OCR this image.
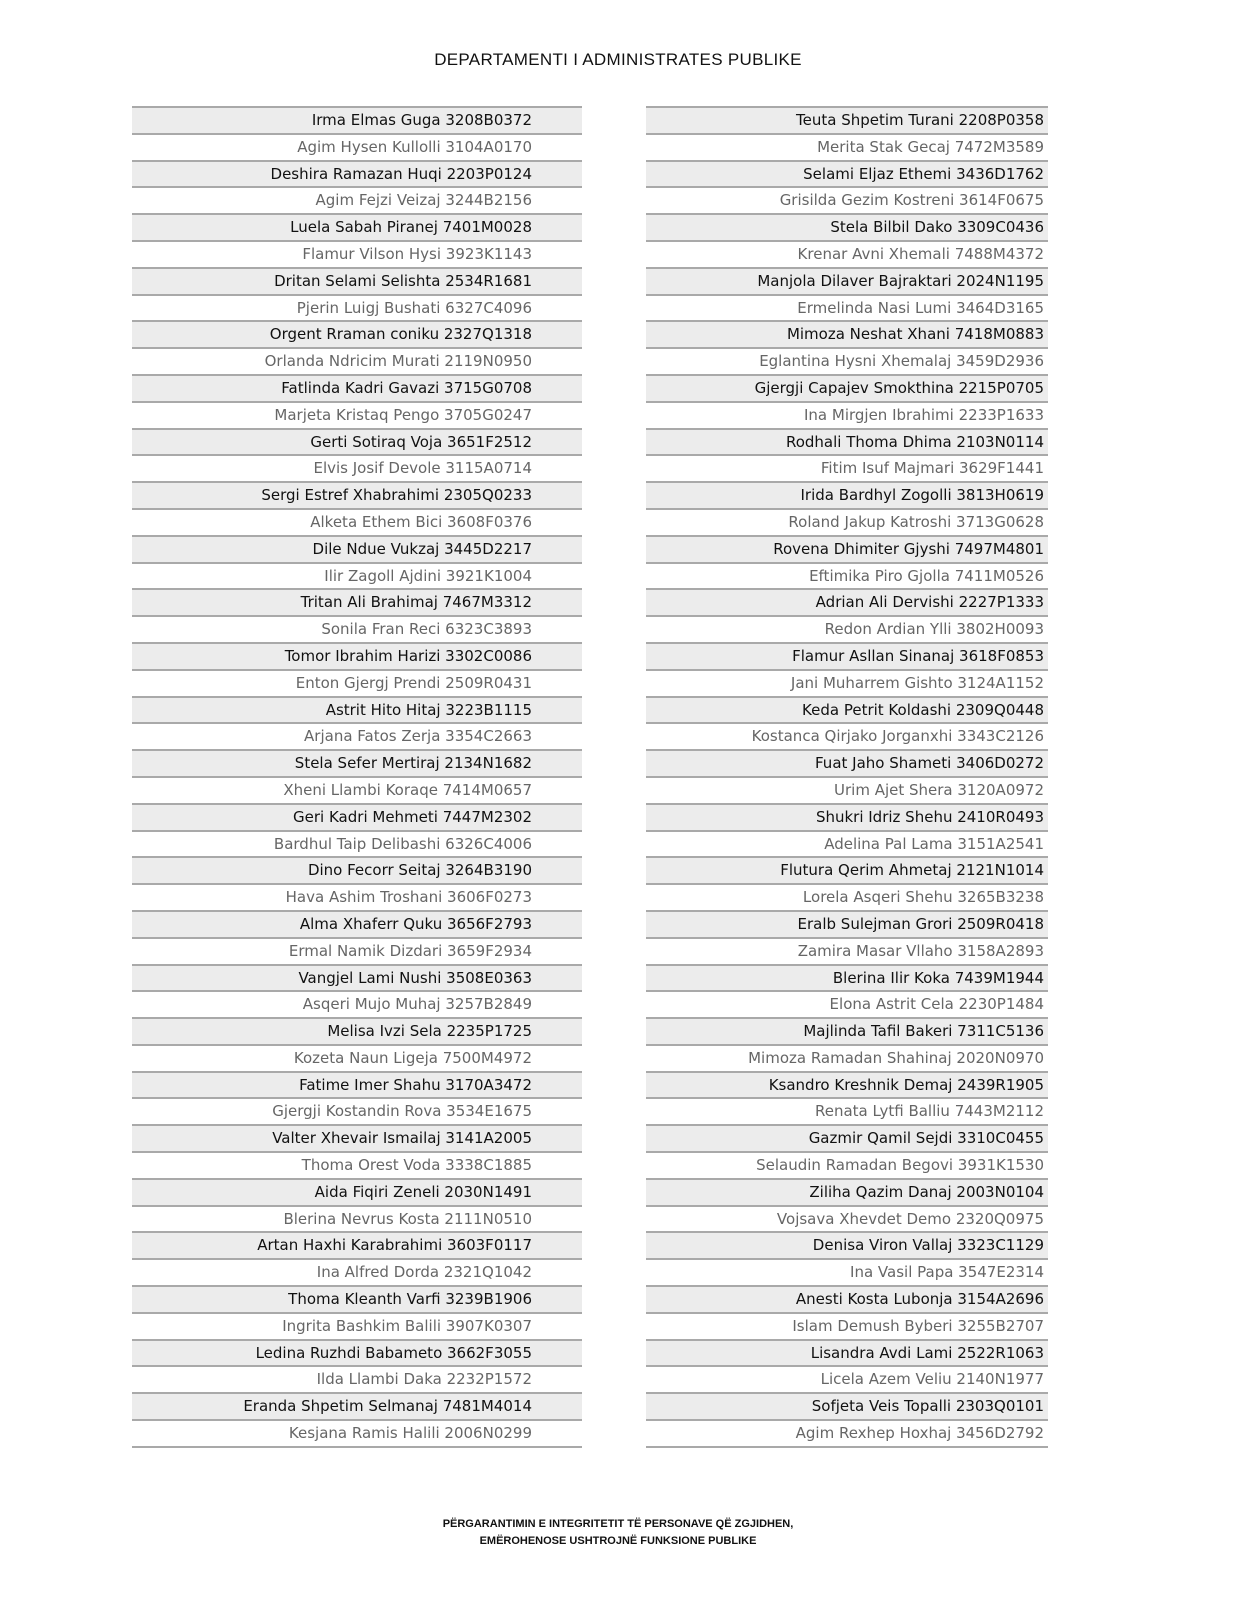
DEPARTAMENTI I ADMINISTRATES PUBLIKE
Irma Elmas Guga 3208B0372
Agim Hysen Kullolli 3104A0170
Deshira Ramazan Huqi 2203P0124
Agim Fejzi Veizaj 3244B2156
Luela Sabah Piranej 7401M0028
Flamur Vilson Hysi 3923K1143
Dritan Selami Selishta 2534R1681
Pjerin Luigj Bushati 6327C4096
Orgent Rraman coniku 2327Q1318
Orlanda Ndricim Murati 2119N0950
Fatlinda Kadri Gavazi 3715G0708
Marjeta Kristaq Pengo 3705G0247
Gerti Sotiraq Voja 3651F2512
Elvis Josif Devole 3115A0714
Sergi Estref Xhabrahimi 2305Q0233
Alketa Ethem Bici 3608F0376
Dile Ndue Vukzaj 3445D2217
Ilir Zagoll Ajdini 3921K1004
Tritan Ali Brahimaj 7467M3312
Sonila Fran Reci 6323C3893
Tomor Ibrahim Harizi 3302C0086
Enton Gjergj Prendi 2509R0431
Astrit Hito Hitaj 3223B1115
Arjana Fatos Zerja 3354C2663
Stela Sefer Mertiraj 2134N1682
Xheni Llambi Koraqe 7414M0657
Geri Kadri Mehmeti 7447M2302
Bardhul Taip Delibashi 6326C4006
Dino Fecorr Seitaj 3264B3190
Hava Ashim Troshani 3606F0273
Alma Xhaferr Quku 3656F2793
Ermal Namik Dizdari 3659F2934
Vangjel Lami Nushi 3508E0363
Asqeri Mujo Muhaj 3257B2849
Melisa Ivzi Sela 2235P1725
Kozeta Naun Ligeja 7500M4972
Fatime Imer Shahu 3170A3472
Gjergji Kostandin Rova 3534E1675
Valter Xhevair Ismailaj 3141A2005
Thoma Orest Voda 3338C1885
Aida Fiqiri Zeneli 2030N1491
Blerina Nevrus Kosta 2111N0510
Artan Haxhi Karabrahimi 3603F0117
Ina Alfred Dorda 2321Q1042
Thoma Kleanth Varfi 3239B1906
Ingrita Bashkim Balili 3907K0307
Ledina Ruzhdi Babameto 3662F3055
Ilda Llambi Daka 2232P1572
Eranda Shpetim Selmanaj 7481M4014
Kesjana Ramis Halili 2006N0299
Teuta Shpetim Turani 2208P0358
Merita Stak Gecaj 7472M3589
Selami Eljaz Ethemi 3436D1762
Grisilda Gezim Kostreni 3614F0675
Stela Bilbil Dako 3309C0436
Krenar Avni Xhemali 7488M4372
Manjola Dilaver Bajraktari 2024N1195
Ermelinda Nasi Lumi 3464D3165
Mimoza Neshat Xhani 7418M0883
Eglantina Hysni Xhemalaj 3459D2936
Gjergji Capajev Smokthina 2215P0705
Ina Mirgjen Ibrahimi 2233P1633
Rodhali Thoma Dhima 2103N0114
Fitim Isuf Majmari 3629F1441
Irida Bardhyl Zogolli 3813H0619
Roland Jakup Katroshi 3713G0628
Rovena Dhimiter Gjyshi 7497M4801
Eftimika Piro Gjolla 7411M0526
Adrian Ali Dervishi 2227P1333
Redon Ardian Ylli 3802H0093
Flamur Asllan Sinanaj 3618F0853
Jani Muharrem Gishto 3124A1152
Keda Petrit Koldashi 2309Q0448
Kostanca Qirjako Jorganxhi 3343C2126
Fuat Jaho Shameti 3406D0272
Urim Ajet Shera 3120A0972
Shukri Idriz Shehu 2410R0493
Adelina Pal Lama 3151A2541
Flutura Qerim Ahmetaj 2121N1014
Lorela Asqeri Shehu 3265B3238
Eralb Sulejman Grori 2509R0418
Zamira Masar Vllaho 3158A2893
Blerina Ilir Koka 7439M1944
Elona Astrit Cela 2230P1484
Majlinda Tafil Bakeri 7311C5136
Mimoza Ramadan Shahinaj 2020N0970
Ksandro Kreshnik Demaj 2439R1905
Renata Lytfi Balliu 7443M2112
Gazmir Qamil Sejdi 3310C0455
Selaudin Ramadan Begovi 3931K1530
Ziliha Qazim Danaj 2003N0104
Vojsava Xhevdet Demo 2320Q0975
Denisa Viron Vallaj 3323C1129
Ina Vasil Papa 3547E2314
Anesti Kosta Lubonja 3154A2696
Islam Demush Byberi 3255B2707
Lisandra Avdi Lami 2522R1063
Licela Azem Veliu 2140N1977
Sofjeta Veis Topalli 2303Q0101
Agim Rexhep Hoxhaj 3456D2792
PËRGARANTIMIN E INTEGRITETIT TË PERSONAVE QË ZGJIDHEN,
EMËROHENOSE USHTROJNË FUNKSIONE PUBLIKE
